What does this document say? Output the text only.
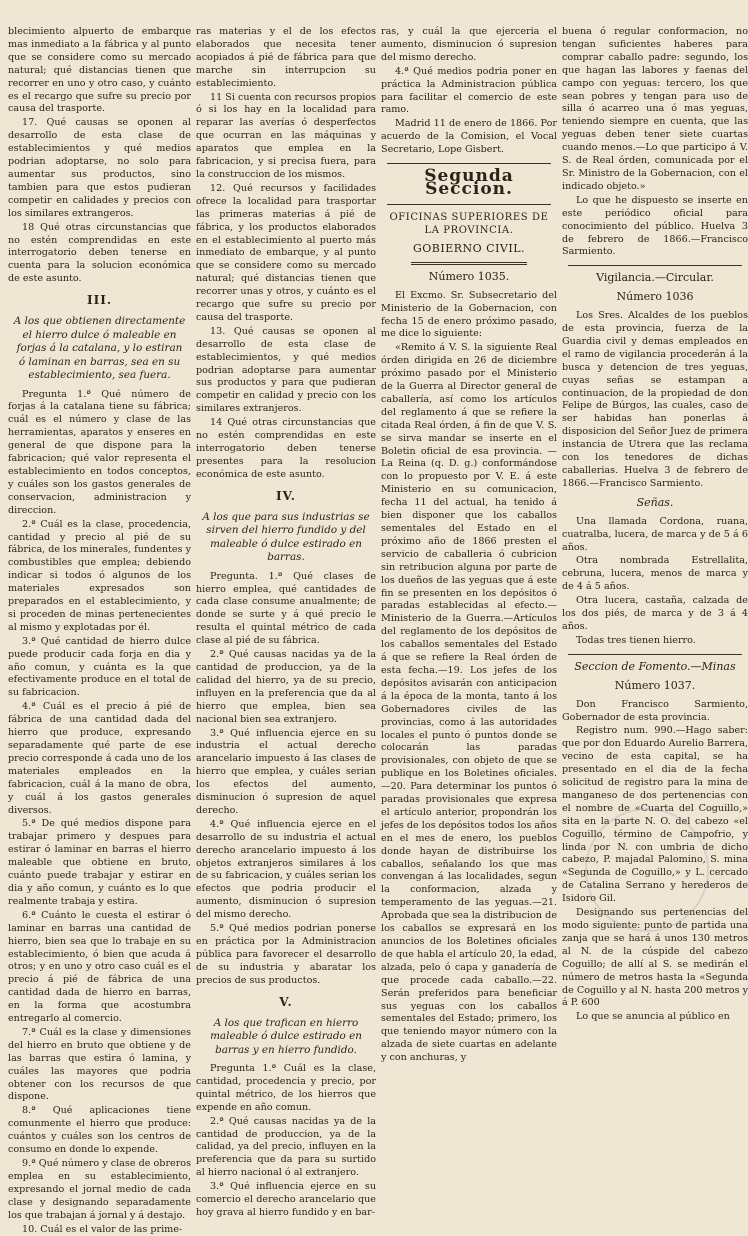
blecimiento alpuerto de embarque mas inmediato a la fábrica y al punto que se considere como su mercado natural; qué distancias tienen que recorrer en uno y otro caso, y cuánto es el recargo que sufre su precio por causa del trasporte.

17. Qué causas se oponen al desarrollo de esta clase de establecimientos y qué medios podrian adoptarse, no solo para aumentar sus productos, sino tambien para que estos pudieran competir en calidades y precios con los similares extrangeros.

18 Qué otras circunstancias que no estén comprendidas en este interrogatorio deben tenerse en cuenta para la solucion económica de este asunto.

III.
A los que obtienen directamente el hierro dulce ó maleable en forjas á la catalana, y lo estiran ó laminan en barras, sea en su establecimiento, sea fuera.

Pregunta 1.ª Qué número de forjas á la catalana tiene su fábrica; cuál es el número y clase de las herramientas, aparatos y enseres en general de que dispone para la fabricacion; qué valor representa el establecimiento en todos conceptos, y cuáles son los gastos generales de conservacion, administracion y direccion.

2.ª Cuál es la clase, procedencia, cantidad y precio al pié de su fábrica, de los minerales, fundentes y combustibles que emplea; debiendo indicar si todos ó algunos de los materiales expresados son preparados en el establecimiento, y si proceden de minas pertenecientes al mismo y explotadas por él.

3.ª Qué cantidad de hierro dulce puede producir cada forja en dia y año comun, y cuánta es la que efectivamente produce en el total de su fabricacion.

4.ª Cuál es el precio á pié de fábrica de una cantidad dada del hierro que produce, expresando separadamente qué parte de ese precio corresponde á cada uno de los materiales empleados en la fabricacion, cuál á la mano de obra, y cuál á los gastos generales diversos.

5.ª De qué medios dispone para trabajar primero y despues para estirar ó laminar en barras el hierro maleable que obtiene en bruto, cuánto puede trabajar y estirar en dia y año comun, y cuánto es lo que realmente trabaja y estira.

6.ª Cuánto le cuesta el estirar ó laminar en barras una cantidad de hierro, bien sea que lo trabaje en su establecimiento, ó bien que acuda á otros; y en uno y otro caso cuál es el precio á pié de fábrica de una cantidad dada de hierro en barras, en la forma que acostumbra entregarlo al comercio.

7.ª Cuál es la clase y dimensiones del hierro en bruto que obtiene y de las barras que estira ó lamina, y cuáles las mayores que podria obtener con los recursos de que dispone.

8.ª Qué aplicaciones tiene comunmente el hierro que produce: cuántos y cuáles son los centros de consumo en donde lo expende.

9.ª Qué número y clase de obreros emplea en su establecimiento, expresando el jornal medio de cada clase y designando separadamente los que trabajan á jornal y á destajo.

10. Cuál es el valor de las prime-

ras materias y el de los efectos elaborados que necesita tener acopiados á pié de fábrica para que marche sin interrupcion su establecimiento.

11 Si cuenta con recursos propios ó si los hay en la localidad para reparar las averías ó desperfectos que ocurran en las máquinas y aparatos que emplea en la fabricacion, y si precisa fuera, para la construccion de los mismos.

12. Qué recursos y facilidades ofrece la localidad para trasportar las primeras materias á pié de fábrica, y los productos elaborados en el establecimiento al puerto más inmediato de embarque, y al punto que se considere como su mercado natural; qué distancias tienen que recorrer unas y otros, y cuánto es el recargo que sufre su precio por causa del trasporte.

13. Qué causas se oponen al desarrollo de esta clase de establecimientos, y qué medios podrian adoptarse para aumentar sus productos y para que pudieran competir en calidad y precio con los similares extranjeros.

14 Qué otras circunstancias que no estén comprendidas en este interrogatorio deben tenerse presentes para la resolucion económica de este asunto.

IV.
A los que para sus industrias se sirven del hierro fundido y del maleable ó dulce estirado en barras.

Pregunta. 1.ª Qué clases de hierro emplea, qué cantidades de cada clase consume anualmente; de donde se surte y á qué precio le resulta el quintal métrico de cada clase al pié de su fábrica.

2.ª Qué causas nacidas ya de la cantidad de produccion, ya de la calidad del hierro, ya de su precio, influyen en la preferencia que da al hierro que emplea, bien sea nacional bien sea extranjero.

3.ª Qué influencia ejerce en su industria el actual derecho arancelario impuesto á las clases de hierro que emplea, y cuáles serian los efectos del aumento, disminucion ó supresion de aquel derecho.

4.ª Qué influencia ejerce en el desarrollo de su industria el actual derecho arancelario impuesto á los objetos extranjeros similares á los de su fabricacion, y cuáles serian los efectos que podria producir el aumento, disminucion ó supresion del mismo derecho.

5.ª Qué medios podrian ponerse en práctica por la Administracion pública para favorecer el desarrollo de su industria y abaratar los precios de sus productos.

V.
A los que trafican en hierro maleable ó dulce estirado en barras y en hierro fundido.

Pregunta 1.ª Cuál es la clase, cantidad, procedencia y precio, por quintal métrico, de los hierros que expende en año comun.

2.ª Qué causas nacidas ya de la cantidad de produccion, ya de la calidad, ya del precio, influyen en la preferencia que da para su surtido al hierro nacional ó al extranjero.

3.ª Qué influencia ejerce en su comercio el derecho arancelario que hoy grava al hierro fundido y en bar-

ras, y cuál la que ejerceria el aumento, disminucion ó supresion del mismo derecho.

4.ª Qué medios podria poner en práctica la Administracion pública para facilitar el comercio de este ramo.

Madrid 11 de enero de 1866. Por acuerdo de la Comision, el Vocal Secretario, Lope Gisbert.

Segunda Seccion.
OFICINAS SUPERIORES DE LA PROVINCIA.
GOBIERNO CIVIL.
Número 1035.

El Excmo. Sr. Subsecretario del Ministerio de la Gobernacion, con fecha 15 de enero próximo pasado, me dice lo siguiente:

«Remito á V. S. la siguiente Real órden dirigida en 26 de diciembre próximo pasado por el Ministerio de la Guerra al Director general de caballería, así como los artículos del reglamento á que se refiere la citada Real órden, á fin de que V. S. se sirva mandar se inserte en el Boletin oficial de esa provincia. —La Reina (q. D. g.) conformándose con lo propuesto por V. E. á este Ministerio en su comunicacion, fecha 11 del actual, ha tenido á bien disponer que los caballos sementales del Estado en el próximo año de 1866 presten el servicio de caballeria ó cubricion sin retribucion alguna por parte de los dueños de las yeguas que á este fin se presenten en los depósitos ó paradas establecidas al efecto.—Ministerio de la Guerra.—Artículos del reglamento de los depósitos de los caballos sementales del Estado á que se refiere la Real órden de esta fecha.—19. Los jefes de los depósitos avisarán con anticipacion á la época de la monta, tanto á los Gobernadores civiles de las provincias, como á las autoridades locales el punto ó puntos donde se colocarán las paradas provisionales, con objeto de que se publique en los Boletines oficiales.—20. Para determinar los puntos ó paradas provisionales que expresa el artículo anterior, propondrán los jefes de los depósitos todos los años en el mes de enero, los pueblos donde hayan de distribuirse los caballos, señalando los que mas convengan á las localidades, segun la conformacion, alzada y temperamento de las yeguas.—21. Aprobada que sea la distribucion de los caballos se expresará en los anuncios de los Boletines oficiales de que habla el artículo 20, la edad, alzada, pelo ó capa y ganadería de que procede cada caballo.—22. Serán preferidos para beneficiar sus yeguas con los caballos sementales del Estado; primero, los que teniendo mayor número con la alzada de siete cuartas en adelante y con anchuras, y

buena ó regular conformacion, no tengan suficientes haberes para comprar caballo padre: segundo, los que hagan las labores y faenas del campo con yeguas: tercero, los que sean pobres y tengan para uso de silla ó acarreo una ó mas yeguas, teniendo siempre en cuenta, que las yeguas deben tener siete cuartas cuando menos.—Lo que participo á V. S. de Real órden, comunicada por el Sr. Ministro de la Gobernacion, con el indicado objeto.»

Lo que he dispuesto se inserte en este periódico oficial para conocimiento del público. Huelva 3 de febrero de 1866.—Francisco Sarmiento.

Vigilancia.—Circular.
Número 1036

Los Sres. Alcaldes de los pueblos de esta provincia, fuerza de la Guardia civil y demas empleados en el ramo de vigilancia procederán á la busca y detencion de tres yeguas, cuyas señas se estampan a continuacion, de la propiedad de don Felipe de Búrgos, las cuales, caso de ser habidas han ponerlas á disposicion del Señor Juez de primera instancia de Utrera que las reclama con los tenedores de dichas caballerias. Huelva 3 de febrero de 1866.—Francisco Sarmiento.

Señas.

Una llamada Cordona, ruana, cuatralba, lucera, de marca y de 5 á 6 años.

Otra nombrada Estrellalita, cebruna, lucera, menos de marca y de 4 á 5 años.

Otra lucera, castaña, calzada de los dos piés, de marca y de 3 á 4 años.

Todas tres tienen hierro.

Seccion de Fomento.—Minas
Número 1037.

Don Francisco Sarmiento, Gobernador de esta provincia.

Registro num. 990.—Hago saber: que por don Eduardo Aurelio Barrera, vecino de esta capital, se ha presentado en el dia de la fecha solicitud de registro para la mina de manganeso de dos pertenencias con el nombre de «Cuarta del Coguillo,» sita en la parte N. O. del cabezo «el Coguillo, término de Campofrio, y linda por N. con umbria de dicho cabezo, P. majadal Palomino, S. mina «Segunda de Coguillo,» y L. cercado de Catalina Serrano y herederos de Isidoro Gil.

Designando sus pertenencias del modo siguiente: punto de partida una zanja que se hará á unos 130 metros al N. de la cúspide del cabezo Coguillo; de allí al S. se medirán el número de metros hasta la «Segunda de Coguillo y al N. hasta 200 metros y á P. 600

Lo que se anuncia al público en
